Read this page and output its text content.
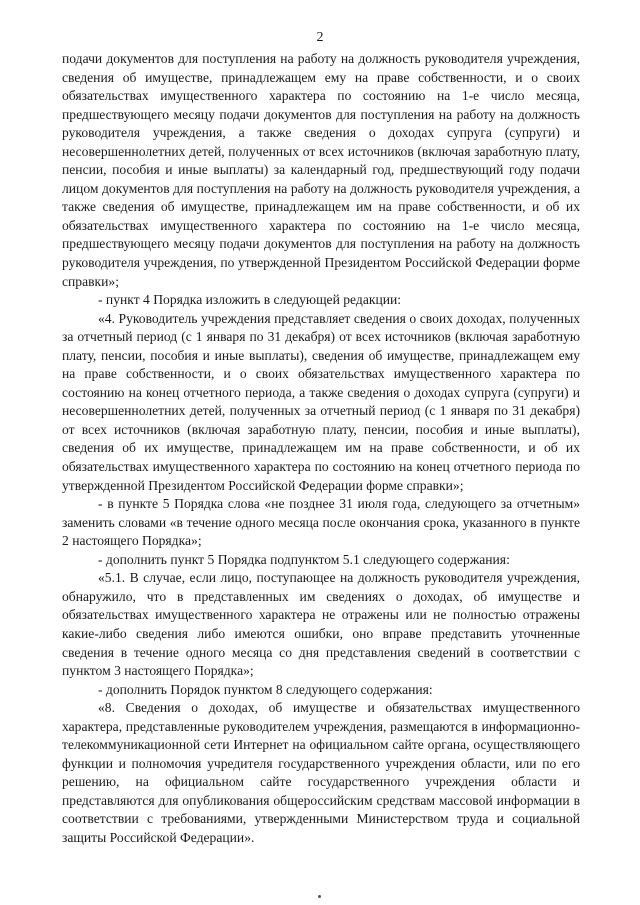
2

подачи документов для поступления на работу на должность руководителя учреждения, сведения об имуществе, принадлежащем ему на праве собственности, и о своих обязательствах имущественного характера по состоянию на 1-е число месяца, предшествующего месяцу подачи документов для поступления на работу на должность руководителя учреждения, а также сведения о доходах супруга (супруги) и несовершеннолетних детей, полученных от всех источников (включая заработную плату, пенсии, пособия и иные выплаты) за календарный год, предшествующий году подачи лицом документов для поступления на работу на должность руководителя учреждения, а также сведения об имуществе, принадлежащем им на праве собственности, и об их обязательствах имущественного характера по состоянию на 1-е число месяца, предшествующего месяцу подачи документов для поступления на работу на должность руководителя учреждения, по утвержденной Президентом Российской Федерации форме справки»;

- пункт 4 Порядка изложить в следующей редакции:

«4. Руководитель учреждения представляет сведения о своих доходах, полученных за отчетный период (с 1 января по 31 декабря) от всех источников (включая заработную плату, пенсии, пособия и иные выплаты), сведения об имуществе, принадлежащем ему на праве собственности, и о своих обязательствах имущественного характера по состоянию на конец отчетного периода, а также сведения о доходах супруга (супруги) и несовершеннолетних детей, полученных за отчетный период (с 1 января по 31 декабря) от всех источников (включая заработную плату, пенсии, пособия и иные выплаты), сведения об их имуществе, принадлежащем им на праве собственности, и об их обязательствах имущественного характера по состоянию на конец отчетного периода по утвержденной Президентом Российской Федерации форме справки»;

- в пункте 5 Порядка слова «не позднее 31 июля года, следующего за отчетным» заменить словами «в течение одного месяца после окончания срока, указанного в пункте 2 настоящего Порядка»;

- дополнить пункт 5 Порядка подпунктом 5.1 следующего содержания:

«5.1. В случае, если лицо, поступающее на должность руководителя учреждения, обнаружило, что в представленных им сведениях о доходах, об имуществе и обязательствах имущественного характера не отражены или не полностью отражены какие-либо сведения либо имеются ошибки, оно вправе представить уточненные сведения в течение одного месяца со дня представления сведений в соответствии с пунктом 3 настоящего Порядка»;

- дополнить Порядок пунктом 8 следующего содержания:

«8. Сведения о доходах, об имуществе и обязательствах имущественного характера, представленные руководителем учреждения, размещаются в информационно-телекоммуникационной сети Интернет на официальном сайте органа, осуществляющего функции и полномочия учредителя государственного учреждения области, или по его решению, на официальном сайте государственного учреждения области и представляются для опубликования общероссийским средствам массовой информации в соответствии с требованиями, утвержденными Министерством труда и социальной защиты Российской Федерации».
